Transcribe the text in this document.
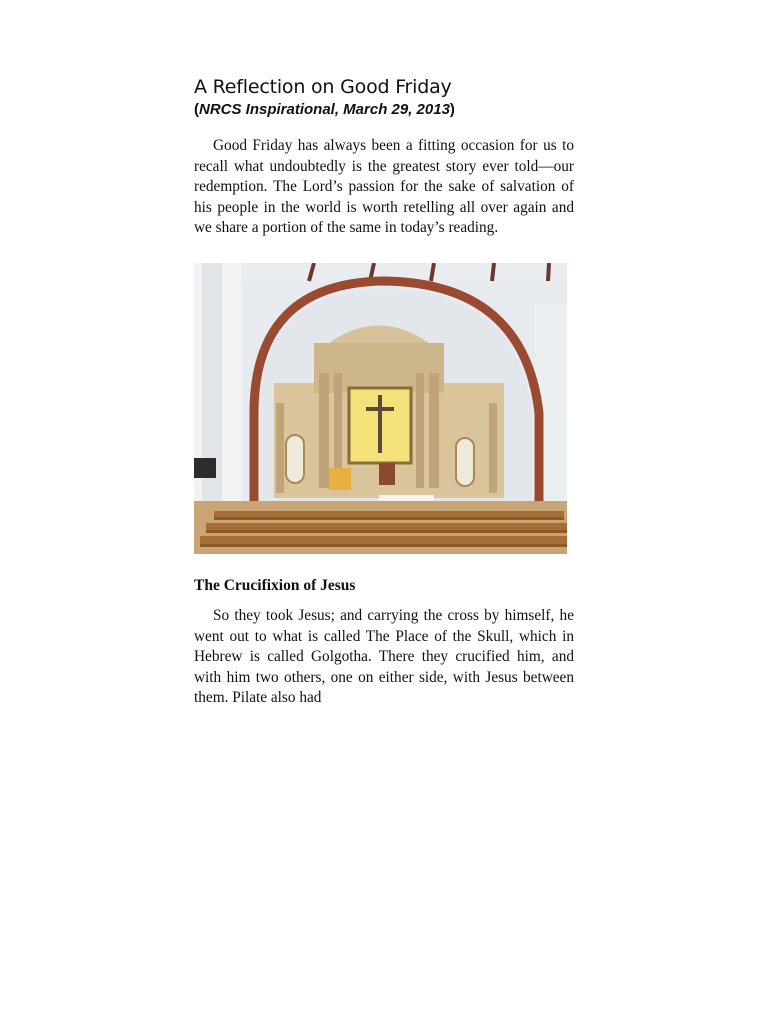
A Reflection on Good Friday

(NRCS Inspirational, March 29, 2013)

Good Friday has always been a fitting occasion for us to recall what undoubtedly is the greatest story ever told—our redemption. The Lord’s passion for the sake of salvation of his people in the world is worth retelling all over again and we share a portion of the same in today’s reading.

The Crucifixion of Jesus

So they took Jesus; and carrying the cross by himself, he went out to what is called The Place of the Skull, which in Hebrew is called Golgotha. There they crucified him, and with him two others, one on either side, with Jesus between them. Pilate also had
